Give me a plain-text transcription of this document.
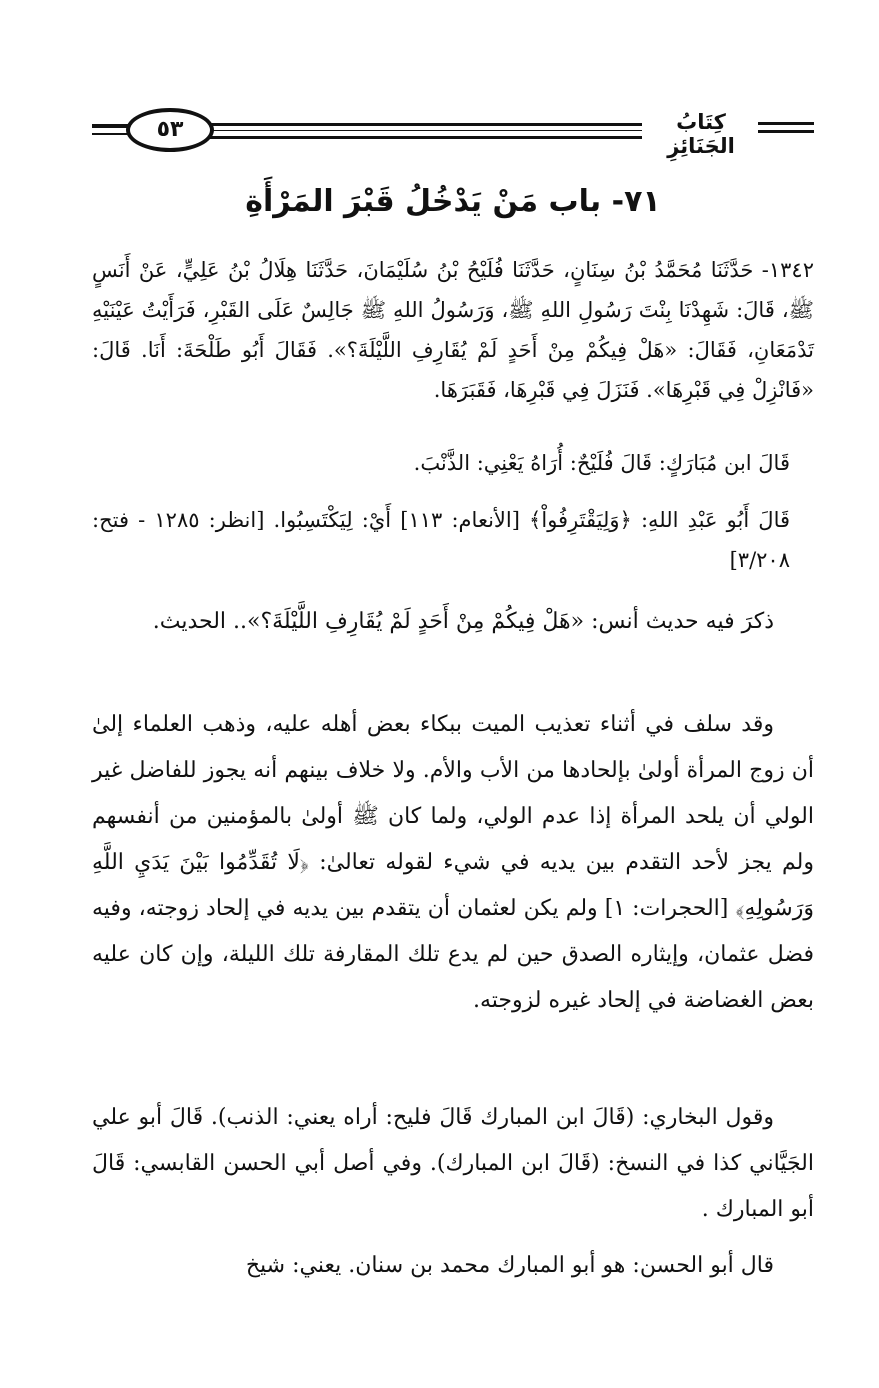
٥٣	كِتَابُ الجَنَائِزِ
٧١- باب مَنْ يَدْخُلُ قَبْرَ المَرْأَةِ

١٣٤٢- حَدَّثَنَا مُحَمَّدُ بْنُ سِنَانٍ، حَدَّثَنَا فُلَيْحُ بْنُ سُلَيْمَانَ، حَدَّثَنَا هِلَالُ بْنُ عَلِيٍّ، عَنْ أَنَسٍ ﷺ، قَالَ: شَهِدْنَا بِنْتَ رَسُولِ اللهِ ﷺ، وَرَسُولُ اللهِ ﷺ جَالِسٌ عَلَى القَبْرِ، فَرَأَيْتُ عَيْنَيْهِ تَدْمَعَانِ، فَقَالَ: «هَلْ فِيكُمْ مِنْ أَحَدٍ لَمْ يُقَارِفِ اللَّيْلَةَ؟». فَقَالَ أَبُو طَلْحَةَ: أَنَا. قَالَ: «فَانْزِلْ فِي قَبْرِهَا». فَنَزَلَ فِي قَبْرِهَا، فَقَبَرَهَا.

قَالَ ابن مُبَارَكٍ: قَالَ فُلَيْحٌ: أُرَاهُ يَعْنِي: الذَّنْبَ.

قَالَ أَبُو عَبْدِ اللهِ: ﴿وَلِيَقْتَرِفُواْ﴾ [الأنعام: ١١٣] أَيْ: لِيَكْتَسِبُوا. [انظر: ١٢٨٥ - فتح: ٣/٢٠٨]

ذكرَ فيه حديث أنس: «هَلْ فِيكُمْ مِنْ أَحَدٍ لَمْ يُقَارِفِ اللَّيْلَةَ؟».. الحديث.

وقد سلف في أثناء تعذيب الميت ببكاء بعض أهله عليه، وذهب العلماء إلىٰ أن زوج المرأة أولىٰ بإلحادها من الأب والأم. ولا خلاف بينهم أنه يجوز للفاضل غير الولي أن يلحد المرأة إذا عدم الولي، ولما كان ﷺ أولىٰ بالمؤمنين من أنفسهم ولم يجز لأحد التقدم بين يديه في شيء لقوله تعالىٰ: ﴿لَا تُقَدِّمُوا بَيْنَ يَدَيِ اللَّهِ وَرَسُولِهِ﴾ [الحجرات: ١] ولم يكن لعثمان أن يتقدم بين يديه في إلحاد زوجته، وفيه فضل عثمان، وإيثاره الصدق حين لم يدع تلك المقارفة تلك الليلة، وإن كان عليه بعض الغضاضة في إلحاد غيره لزوجته.

وقول البخاري: (قَالَ ابن المبارك قَالَ فليح: أراه يعني: الذنب). قَالَ أبو علي الجَيَّاني كذا في النسخ: (قَالَ ابن المبارك). وفي أصل أبي الحسن القابسي: قَالَ أبو المبارك .

قال أبو الحسن: هو أبو المبارك محمد بن سنان. يعني: شيخ
